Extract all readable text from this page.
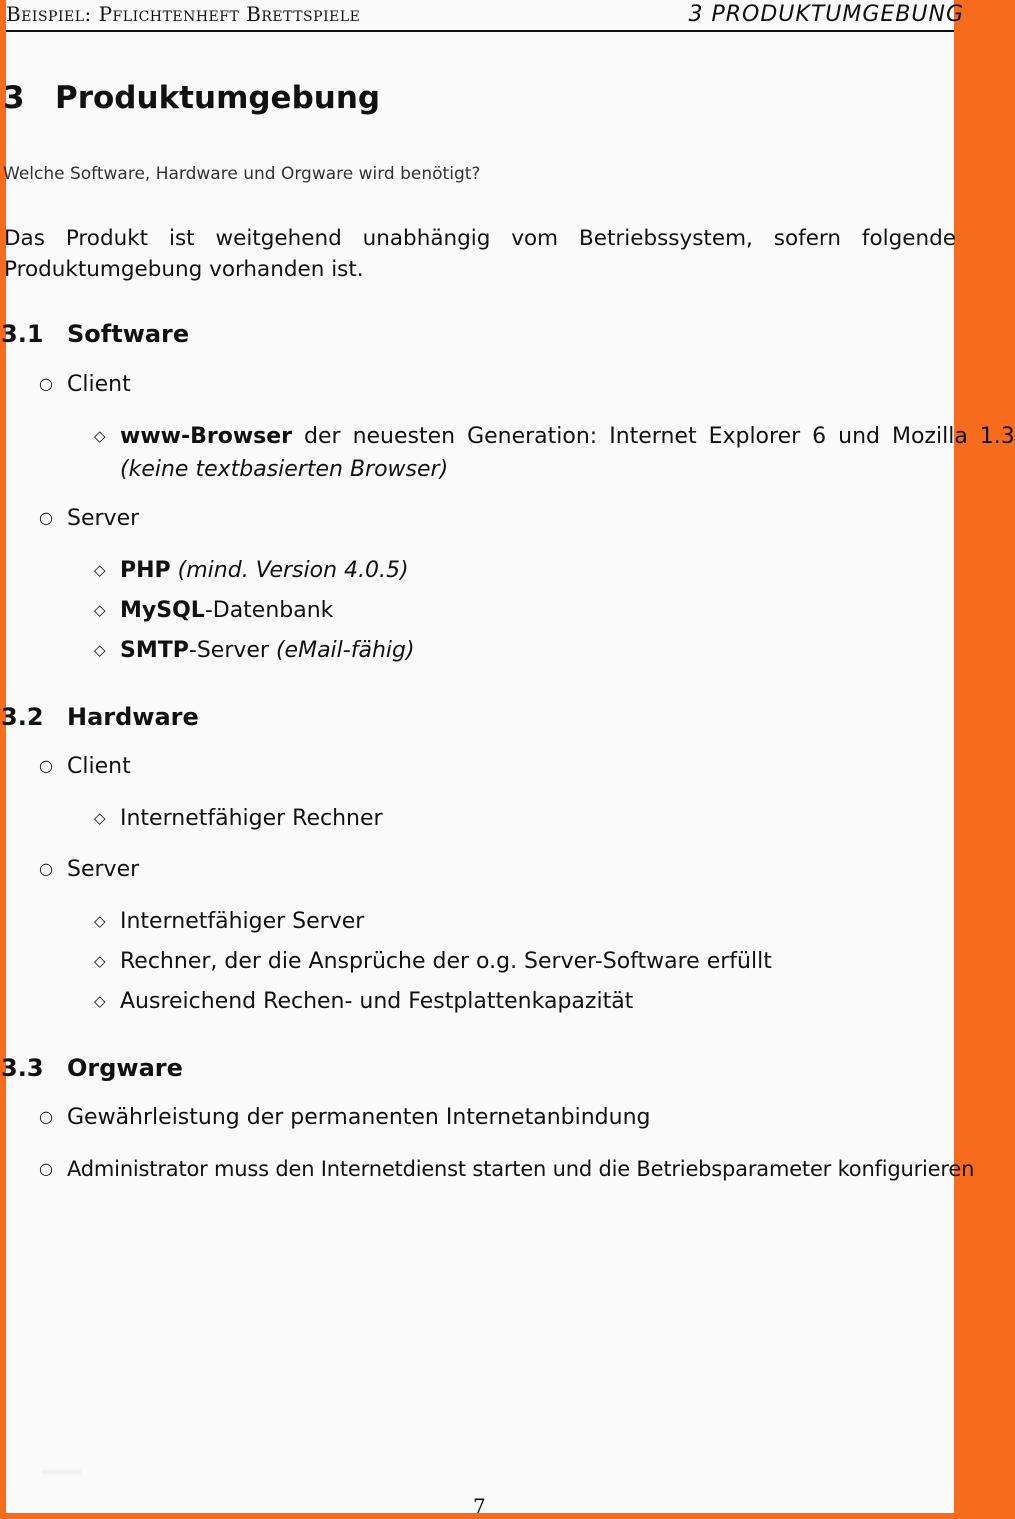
Beispiel: Pflichtenheft Brettspiele	3 PRODUKTUMGEBUNG
3 Produktumgebung
Welche Software, Hardware und Orgware wird benötigt?
Das Produkt ist weitgehend unabhängig vom Betriebssystem, sofern folgende Produktumgebung vorhanden ist.
3.1 Software
○ Client
◇ www-Browser der neuesten Generation: Internet Explorer 6 und Mozilla 1.3
(keine textbasierten Browser)
○ Server
◇ PHP (mind. Version 4.0.5)
◇ MySQL-Datenbank
◇ SMTP-Server (eMail-fähig)
3.2 Hardware
○ Client
◇ Internetfähiger Rechner
○ Server
◇ Internetfähiger Server
◇ Rechner, der die Ansprüche der o.g. Server-Software erfüllt
◇ Ausreichend Rechen- und Festplattenkapazität
3.3 Orgware
○ Gewährleistung der permanenten Internetanbindung
○ Administrator muss den Internetdienst starten und die Betriebsparameter konfigurieren
7
